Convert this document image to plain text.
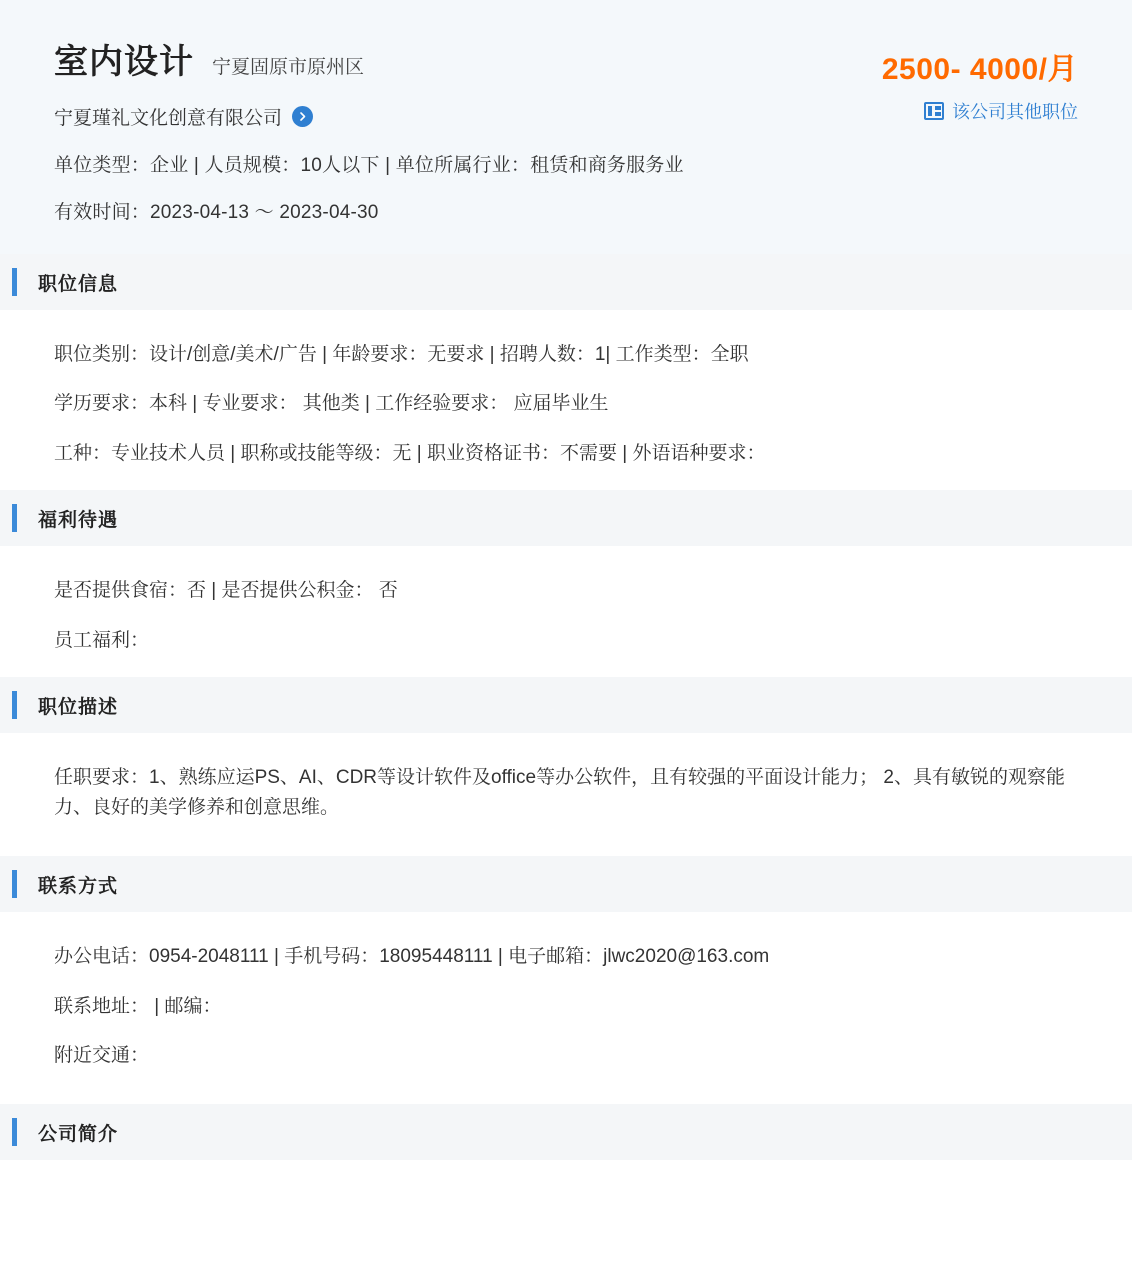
室内设计 宁夏固原市原州区
宁夏瑾礼文化创意有限公司
单位类型：企业 | 人员规模：10人以下 | 单位所属行业：租赁和商务服务业
有效时间：2023-04-13 ～ 2023-04-30
2500- 4000/月
该公司其他职位
职位信息

职位类别：设计/创意/美术/广告 | 年龄要求：无要求 | 招聘人数：1| 工作类型：全职

学历要求：本科 | 专业要求： 其他类 | 工作经验要求： 应届毕业生

工种：专业技术人员 | 职称或技能等级：无 | 职业资格证书：不需要 | 外语语种要求：

福利待遇

是否提供食宿：否 | 是否提供公积金： 否

员工福利：

职位描述

任职要求：1、熟练应运PS、AI、CDR等设计软件及office等办公软件，且有较强的平面设计能力； 2、具有敏锐的观察能力、良好的美学修养和创意思维。

联系方式

办公电话：0954-2048111 | 手机号码：18095448111 | 电子邮箱：jlwc2020@163.com

联系地址： | 邮编：

附近交通：

公司简介
